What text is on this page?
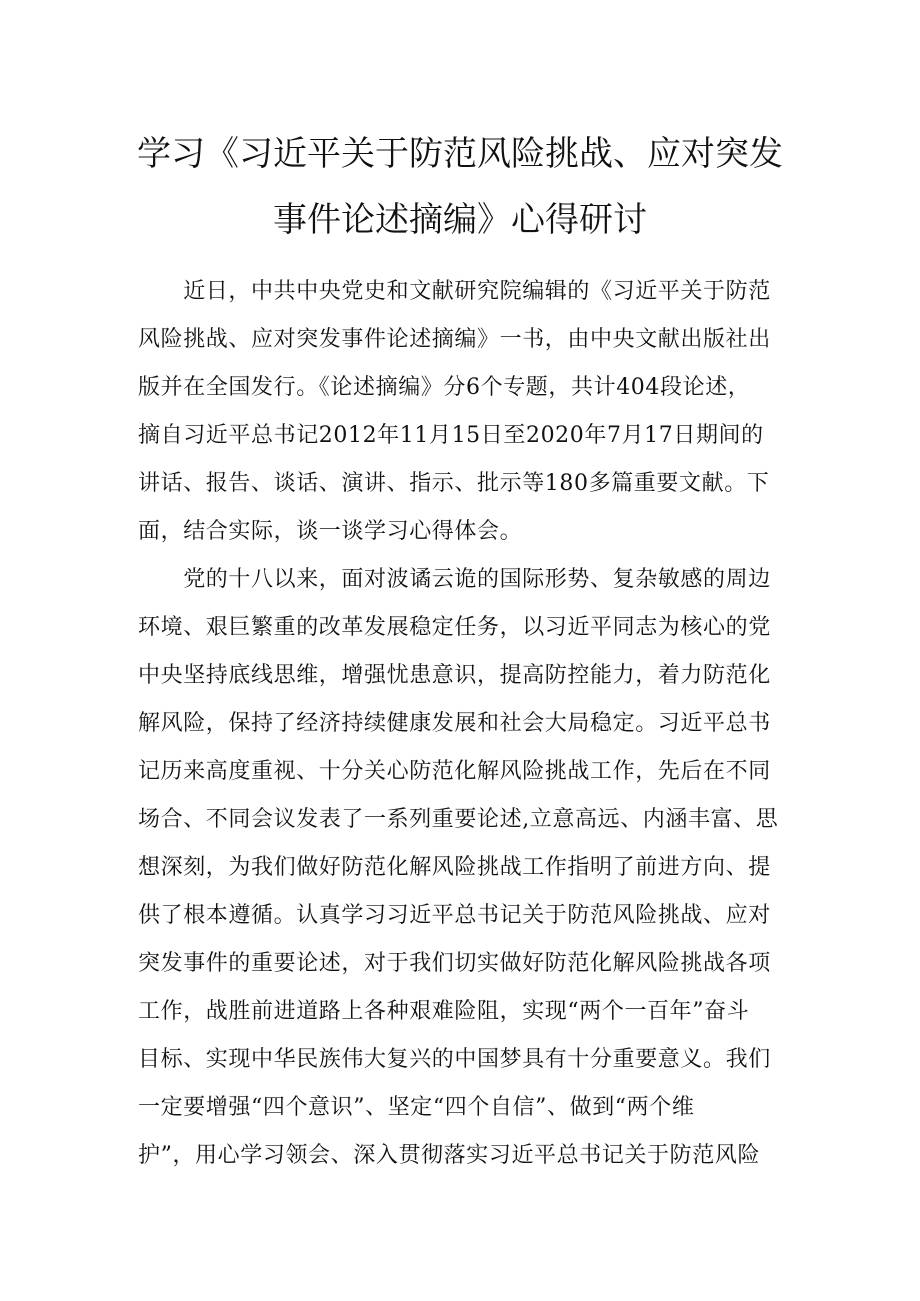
学习《习近平关于防范风险挑战、应对突发
事件论述摘编》心得研讨
　　近日，中共中央党史和文献研究院编辑的《习近平关于防范
风险挑战、应对突发事件论述摘编》一书，由中央文献出版社出
版并在全国发行。《论述摘编》分6个专题，共计404段论述，
摘自习近平总书记2012年11月15日至2020年7月17日期间的
讲话、报告、谈话、演讲、指示、批示等180多篇重要文献。下
面，结合实际，谈一谈学习心得体会。
　　党的十八以来，面对波谲云诡的国际形势、复杂敏感的周边
环境、艰巨繁重的改革发展稳定任务，以习近平同志为核心的党
中央坚持底线思维，增强忧患意识，提高防控能力，着力防范化
解风险，保持了经济持续健康发展和社会大局稳定。习近平总书
记历来高度重视、十分关心防范化解风险挑战工作，先后在不同
场合、不同会议发表了一系列重要论述,立意高远、内涵丰富、思
想深刻，为我们做好防范化解风险挑战工作指明了前进方向、提
供了根本遵循。认真学习习近平总书记关于防范风险挑战、应对
突发事件的重要论述，对于我们切实做好防范化解风险挑战各项
工作，战胜前进道路上各种艰难险阻，实现“两个一百年”奋斗
目标、实现中华民族伟大复兴的中国梦具有十分重要意义。我们
一定要增强“四个意识”、坚定“四个自信”、做到“两个维
护”，用心学习领会、深入贯彻落实习近平总书记关于防范风险
